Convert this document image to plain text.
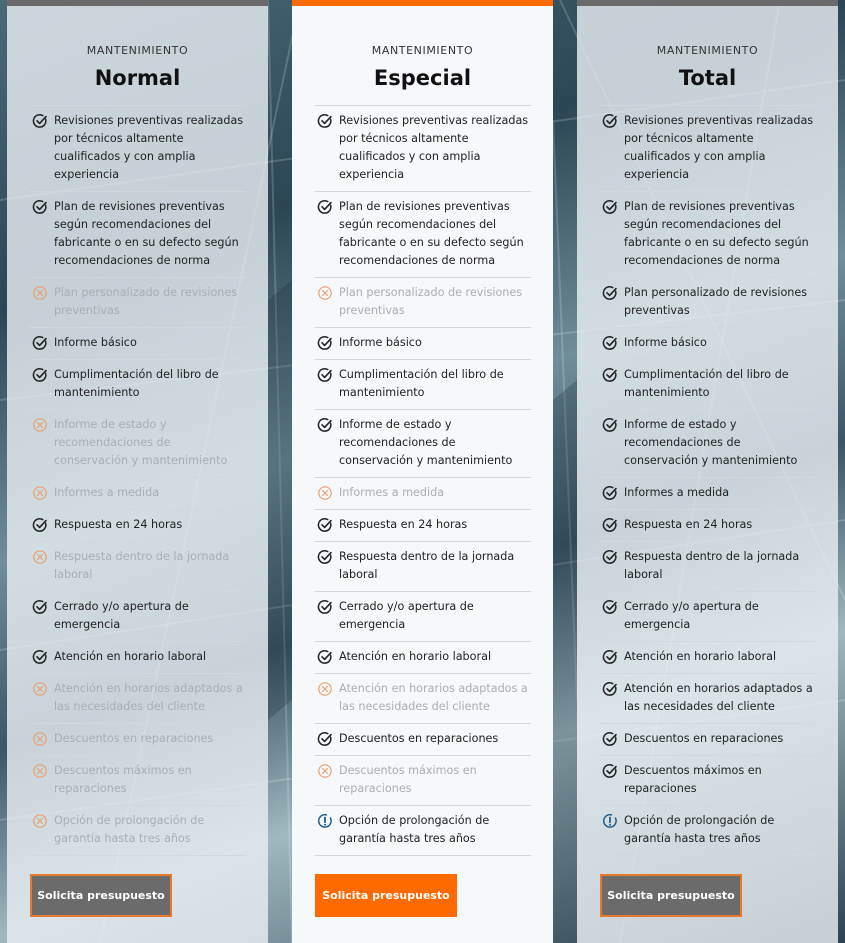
MANTENIMIENTO
Normal
Revisiones preventivas realizadas por técnicos altamente cualificados y con amplia experiencia
Plan de revisiones preventivas según recomendaciones del fabricante o en su defecto según recomendaciones de norma
Plan personalizado de revisiones preventivas
Informe básico
Cumplimentación del libro de mantenimiento
Informe de estado y recomendaciones de conservación y mantenimiento
Informes a medida
Respuesta en 24 horas
Respuesta dentro de la jornada laboral
Cerrado y/o apertura de emergencia
Atención en horario laboral
Atención en horarios adaptados a las necesidades del cliente
Descuentos en reparaciones
Descuentos máximos en reparaciones
Opción de prolongación de garantía hasta tres años
Solicita presupuesto
MANTENIMIENTO
Especial
Revisiones preventivas realizadas por técnicos altamente cualificados y con amplia experiencia
Plan de revisiones preventivas según recomendaciones del fabricante o en su defecto según recomendaciones de norma
Plan personalizado de revisiones preventivas
Informe básico
Cumplimentación del libro de mantenimiento
Informe de estado y recomendaciones de conservación y mantenimiento
Informes a medida
Respuesta en 24 horas
Respuesta dentro de la jornada laboral
Cerrado y/o apertura de emergencia
Atención en horario laboral
Atención en horarios adaptados a las necesidades del cliente
Descuentos en reparaciones
Descuentos máximos en reparaciones
Opción de prolongación de garantía hasta tres años
Solicita presupuesto
MANTENIMIENTO
Total
Revisiones preventivas realizadas por técnicos altamente cualificados y con amplia experiencia
Plan de revisiones preventivas según recomendaciones del fabricante o en su defecto según recomendaciones de norma
Plan personalizado de revisiones preventivas
Informe básico
Cumplimentación del libro de mantenimiento
Informe de estado y recomendaciones de conservación y mantenimiento
Informes a medida
Respuesta en 24 horas
Respuesta dentro de la jornada laboral
Cerrado y/o apertura de emergencia
Atención en horario laboral
Atención en horarios adaptados a las necesidades del cliente
Descuentos en reparaciones
Descuentos máximos en reparaciones
Opción de prolongación de garantía hasta tres años
Solicita presupuesto
